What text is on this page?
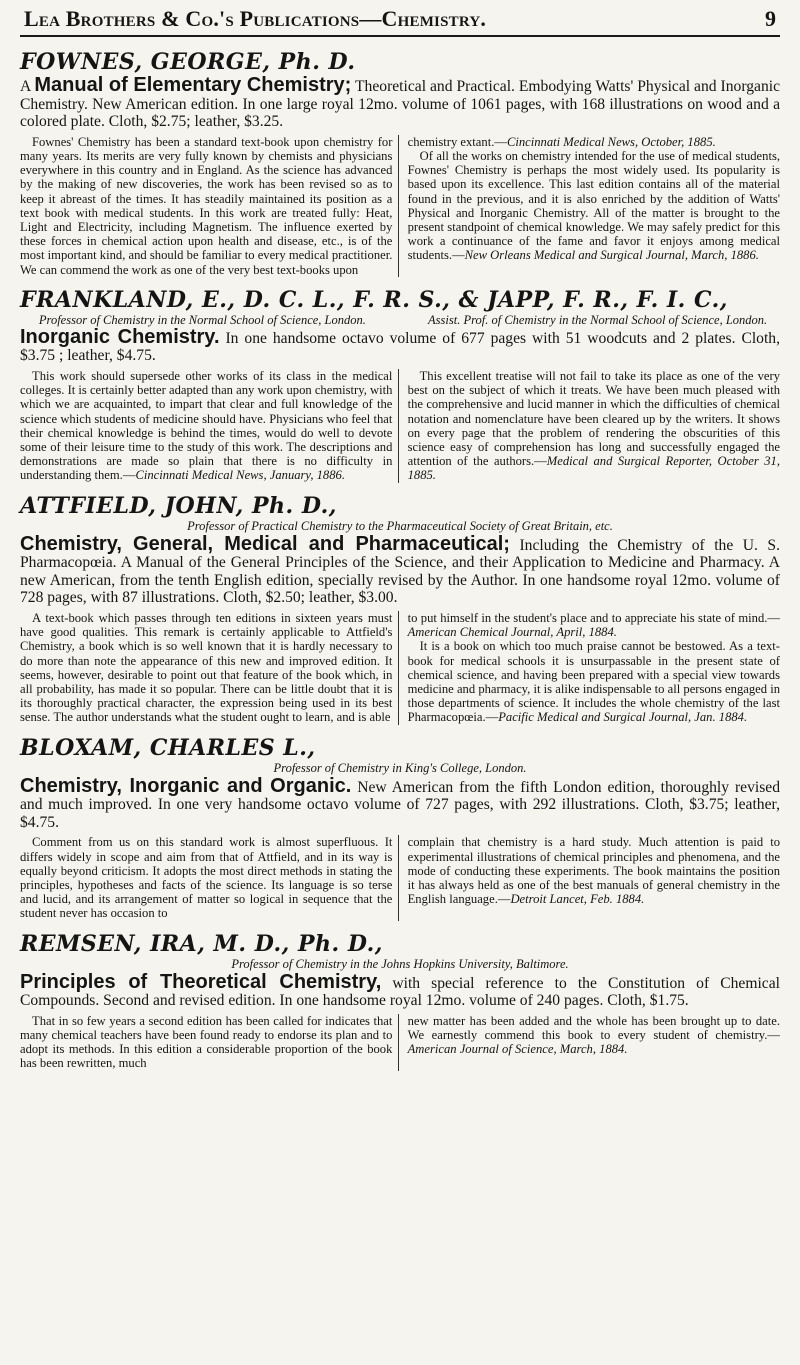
Lea Brothers & Co.'s Publications—Chemistry.	9
FOWNES, GEORGE, Ph. D.
A Manual of Elementary Chemistry; Theoretical and Practical. Embodying Watts' Physical and Inorganic Chemistry. New American edition. In one large royal 12mo. volume of 1061 pages, with 168 illustrations on wood and a colored plate. Cloth, $2.75; leather, $3.25.

Fownes' Chemistry has been a standard text-book upon chemistry for many years. Its merits are very fully known by chemists and physicians everywhere in this country and in England. As the science has advanced by the making of new discoveries, the work has been revised so as to keep it abreast of the times. It has steadily maintained its position as a text book with medical students. In this work are treated fully: Heat, Light and Electricity, including Magnetism. The influence exerted by these forces in chemical action upon health and disease, etc., is of the most important kind, and should be familiar to every medical practitioner. We can commend the work as one of the very best text-books upon

chemistry extant.—Cincinnati Medical News, October, 1885.

Of all the works on chemistry intended for the use of medical students, Fownes' Chemistry is perhaps the most widely used. Its popularity is based upon its excellence. This last edition contains all of the material found in the previous, and it is also enriched by the addition of Watts' Physical and Inorganic Chemistry. All of the matter is brought to the present standpoint of chemical knowledge. We may safely predict for this work a continuance of the fame and favor it enjoys among medical students.—New Orleans Medical and Surgical Journal, March, 1886.

FRANKLAND, E., D. C. L., F. R. S., & JAPP, F. R., F. I. C.,
Professor of Chemistry in the Normal School of Science, London.	Assist. Prof. of Chemistry in the Normal School of Science, London.
Inorganic Chemistry. In one handsome octavo volume of 677 pages with 51 woodcuts and 2 plates. Cloth, $3.75 ; leather, $4.75.

This work should supersede other works of its class in the medical colleges. It is certainly better adapted than any work upon chemistry, with which we are acquainted, to impart that clear and full knowledge of the science which students of medicine should have. Physicians who feel that their chemical knowledge is behind the times, would do well to devote some of their leisure time to the study of this work. The descriptions and demonstrations are made so plain that there is no difficulty in understanding them.—Cincinnati Medical News, January, 1886.

This excellent treatise will not fail to take its place as one of the very best on the subject of which it treats. We have been much pleased with the comprehensive and lucid manner in which the difficulties of chemical notation and nomenclature have been cleared up by the writers. It shows on every page that the problem of rendering the obscurities of this science easy of comprehension has long and successfully engaged the attention of the authors.—Medical and Surgical Reporter, October 31, 1885.

ATTFIELD, JOHN, Ph. D.,
Professor of Practical Chemistry to the Pharmaceutical Society of Great Britain, etc.
Chemistry, General, Medical and Pharmaceutical; Including the Chemistry of the U. S. Pharmacopœia. A Manual of the General Principles of the Science, and their Application to Medicine and Pharmacy. A new American, from the tenth English edition, specially revised by the Author. In one handsome royal 12mo. volume of 728 pages, with 87 illustrations. Cloth, $2.50; leather, $3.00.

A text-book which passes through ten editions in sixteen years must have good qualities. This remark is certainly applicable to Attfield's Chemistry, a book which is so well known that it is hardly necessary to do more than note the appearance of this new and improved edition. It seems, however, desirable to point out that feature of the book which, in all probability, has made it so popular. There can be little doubt that it is its thoroughly practical character, the expression being used in its best sense. The author understands what the student ought to learn, and is able

to put himself in the student's place and to appreciate his state of mind.—American Chemical Journal, April, 1884.

It is a book on which too much praise cannot be bestowed. As a text-book for medical schools it is unsurpassable in the present state of chemical science, and having been prepared with a special view towards medicine and pharmacy, it is alike indispensable to all persons engaged in those departments of science. It includes the whole chemistry of the last Pharmacopœia.—Pacific Medical and Surgical Journal, Jan. 1884.

BLOXAM, CHARLES L.,
Professor of Chemistry in King's College, London.
Chemistry, Inorganic and Organic. New American from the fifth London edition, thoroughly revised and much improved. In one very handsome octavo volume of 727 pages, with 292 illustrations. Cloth, $3.75; leather, $4.75.

Comment from us on this standard work is almost superfluous. It differs widely in scope and aim from that of Attfield, and in its way is equally beyond criticism. It adopts the most direct methods in stating the principles, hypotheses and facts of the science. Its language is so terse and lucid, and its arrangement of matter so logical in sequence that the student never has occasion to

complain that chemistry is a hard study. Much attention is paid to experimental illustrations of chemical principles and phenomena, and the mode of conducting these experiments. The book maintains the position it has always held as one of the best manuals of general chemistry in the English language.—Detroit Lancet, Feb. 1884.

REMSEN, IRA, M. D., Ph. D.,
Professor of Chemistry in the Johns Hopkins University, Baltimore.
Principles of Theoretical Chemistry, with special reference to the Constitution of Chemical Compounds. Second and revised edition. In one handsome royal 12mo. volume of 240 pages. Cloth, $1.75.

That in so few years a second edition has been called for indicates that many chemical teachers have been found ready to endorse its plan and to adopt its methods. In this edition a considerable proportion of the book has been rewritten, much

new matter has been added and the whole has been brought up to date. We earnestly commend this book to every student of chemistry.—American Journal of Science, March, 1884.
